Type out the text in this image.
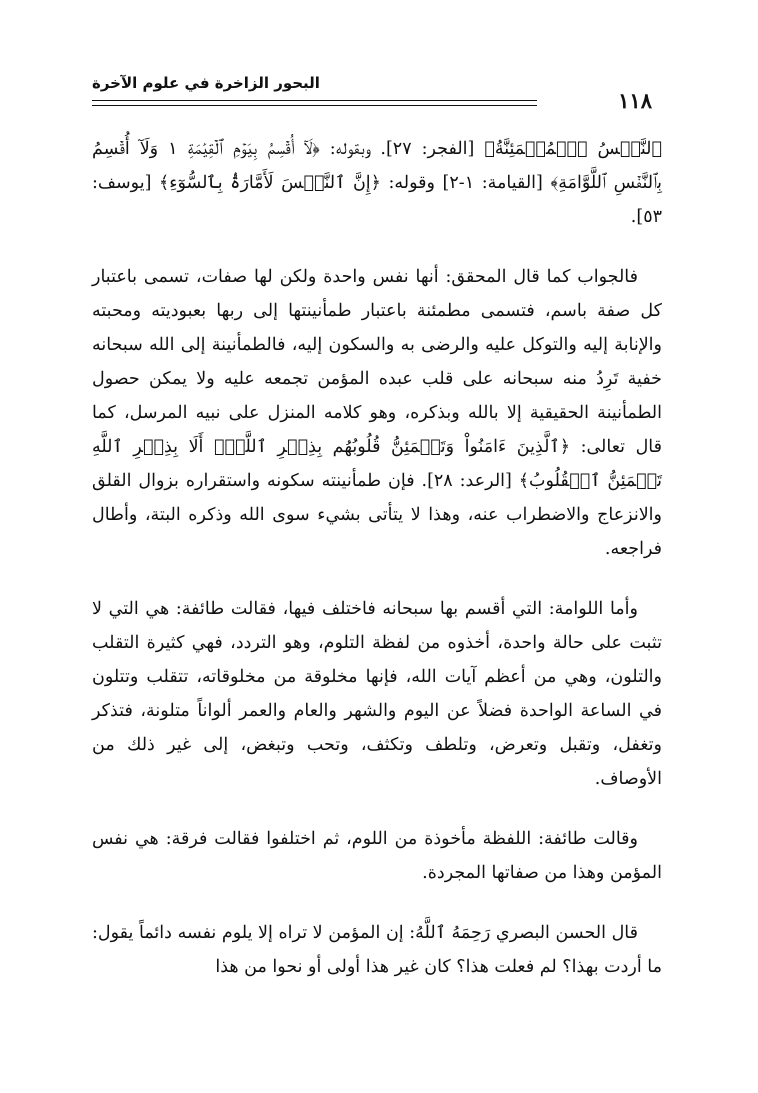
البحور الزاخرة في علوم الآخرة
١١٨

ﭐلنَّفۡسُ ﭐلۡمُطۡمَئِنَّةُ﴾ [الفجر: ٢٧]. وبقوله: ﴿لَآ أُقۡسِمُ بِيَوۡمِ ﭐلۡقِيَٰمَةِ ١ وَلَآ أُقۡسِمُ بِٱلنَّفۡسِ ﭐللَّوَّامَةِ﴾ [القيامة: ١-٢] وقوله: ﴿إِنَّ ٱلنَّفۡسَ لَأَمَّارَةُۢ بِٱلسُّوٓءِ﴾ [يوسف: ٥٣].

فالجواب كما قال المحقق: أنها نفس واحدة ولكن لها صفات، تسمى باعتبار كل صفة باسم، فتسمى مطمئنة باعتبار طمأنينتها إلى ربها بعبوديته ومحبته والإنابة إليه والتوكل عليه والرضى به والسكون إليه، فالطمأنينة إلى الله سبحانه خفية تَرِدُ منه سبحانه على قلب عبده المؤمن تجمعه عليه ولا يمكن حصول الطمأنينة الحقيقية إلا بالله وبذكره، وهو كلامه المنزل على نبيه المرسل، كما قال تعالى: ﴿ٱلَّذِينَ ءَامَنُواْ وَتَطۡمَئِنُّ قُلُوبُهُم بِذِكۡرِ ٱللَّهِۗ أَلَا بِذِكۡرِ ٱللَّهِ تَطۡمَئِنُّ ٱلۡقُلُوبُ﴾ [الرعد: ٢٨]. فإن طمأنينته سكونه واستقراره بزوال القلق والانزعاج والاضطراب عنه، وهذا لا يتأتى بشيء سوى الله وذكره البتة، وأطال فراجعه.

وأما اللوامة: التي أقسم بها سبحانه فاختلف فيها، فقالت طائفة: هي التي لا تثبت على حالة واحدة، أخذوه من لفظة التلوم، وهو التردد، فهي كثيرة التقلب والتلون، وهي من أعظم آيات الله، فإنها مخلوقة من مخلوقاته، تتقلب وتتلون في الساعة الواحدة فضلاً عن اليوم والشهر والعام والعمر ألواناً متلونة، فتذكر وتغفل، وتقبل وتعرض، وتلطف وتكثف، وتحب وتبغض، إلى غير ذلك من الأوصاف.

وقالت طائفة: اللفظة مأخوذة من اللوم، ثم اختلفوا فقالت فرقة: هي نفس المؤمن وهذا من صفاتها المجردة.

قال الحسن البصري رَحِمَهُ ٱللَّهُ: إن المؤمن لا تراه إلا يلوم نفسه دائماً يقول: ما أردت بهذا؟ لم فعلت هذا؟ كان غير هذا أولى أو نحوا من هذا
